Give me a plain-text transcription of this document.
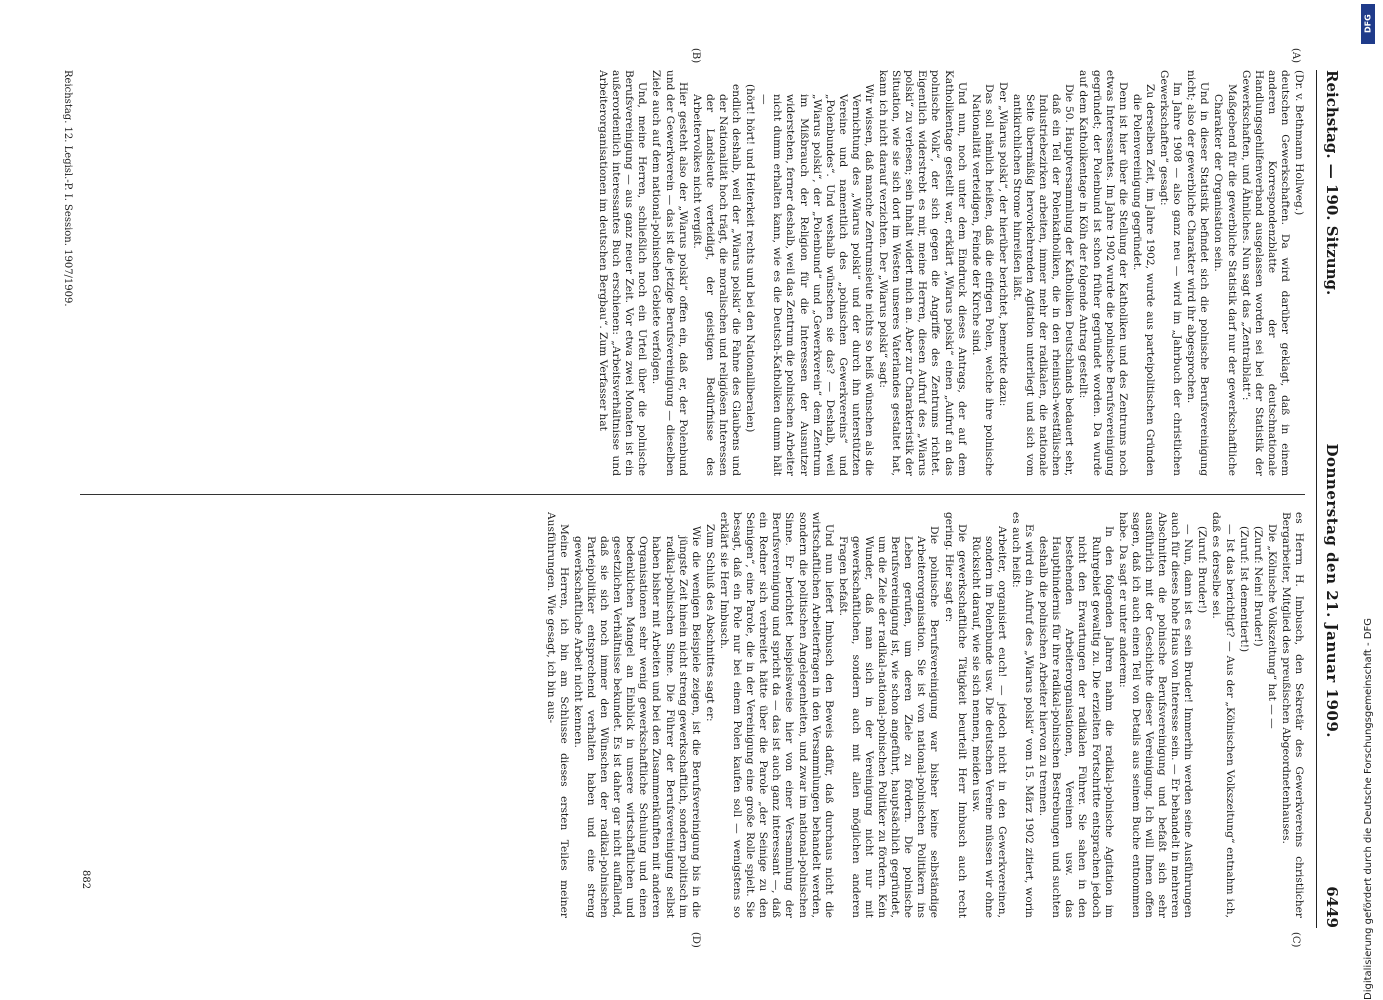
Reichstag. — 190. Sitzung.
Donnerstag den 21. Januar 1909.
6449
(A)
(B)
(C)
(D)

(Dr. v. Bethmann Hollweg.)

deutschen Gewerkschaften. Da wird darüber geklagt, daß in einem anderen Korrespondenzblatte der deutschnationale Handlungsgehilfenverband ausgelassen worden sei bei der Statistik der Gewerkschaften, und Ähnliches. Nun sagt das „Zentralblatt“:

Maßgebend für die gewerbliche Statistik darf nur der gewerkschaftliche Charakter der Organisation sein.

Und in dieser Statistik befindet sich die polnische Berufsvereinigung nicht; also der gewerbliche Charakter wird ihr abgesprochen.

Im Jahre 1908 — also ganz neu — wird im „Jahrbuch der christlichen Gewerkschaften“ gesagt:

Zu derselben Zeit, im Jahre 1902, wurde aus parteipolitischen Gründen die Polenvereinigung gegründet.

Denn ist hier über die Stellung der Katholiken und des Zentrums noch etwas Interessantes. Im Jahre 1902 wurde die polnische Berufsvereinigung gegründet; der Polenbund ist schon früher gegründet worden. Da wurde auf dem Katholikentage in Köln der folgende Antrag gestellt:

Die 50. Hauptversammlung der Katholiken Deutschlands bedauert sehr, daß ein Teil der Polenkatholiken, die in den rheinisch-westfälischen Industriebezirken arbeiten, immer mehr der radikalen, die nationale Seite übermäßig hervorkehrenden Agitation unterliegt und sich vom antikirchlichen Strome hinreißen läßt.

Der „Wiarus polski“, der hierüber berichtet, bemerkte dazu:

Das soll nämlich heißen, daß die eifrigen Polen, welche ihre polnische Nationalität verteidigen, Feinde der Kirche sind.

Und nun, noch unter dem Eindruck dieses Antrags, der auf dem Katholikentage gestellt war, erklärt „Wiarus polski“ einen „Aufruf an das polnische Volk“, der sich gegen die Angriffe des Zentrums richtet. Eigentlich widerstrebt es mir, meine Herren, diesen Aufruf des „Wiarus polski“ zu verlesen; sein Inhalt widert mich an. Aber zur Charakteristik der Situation, wie sie sich dort im Westen unseres Vaterlandes gestaltet hat, kann ich nicht darauf verzichten. Der „Wiarus polski“ sagt:

Wir wissen, daß manche Zentrumsleute nichts so heiß wünschen als die Vernichtung des „Wiarus polski“ und der durch ihn unterstützten Vereine und namentlich des „polnischen Gewerkvereins“ und „Polenbundes“. Und weshalb wünschen sie das? — Deshalb, weil „Wiarus polski“, der „Polenbund“ und „Gewerkverein“ dem Zentrum im Mißbrauch der Religion für die Interessen der Ausnutzer widerstehen, ferner deshalb, weil das Zentrum die polnischen Arbeiter nicht dumm erhalten kann, wie es die Deutsch-Katholiken dumm hält —

(hört! hört! und Heiterkeit rechts und bei den Nationalliberalen)

endlich deshalb, weil der „Wiarus polski“ die Fahne des Glaubens und der Nationalität hoch trägt, die moralischen und religiösen Interessen der Landsleute verteidigt, der geistigen Bedürfnisse des Arbeitervolkes nicht vergißt.

Hier gesteht also der „Wiarus polski“ offen ein, daß er, der Polenbund und der Gewerkverein — das ist die jetzige Berufsvereinigung — dieselben Ziele auch auf dem national-polnischen Gebiete verfolgen.

Und, meine Herren, schließlich noch ein Urteil über die polnische Berufsvereinigung — aus ganz neuer Zeit. Vor etwa zwei Monaten ist ein außerordentlich interessantes Buch erschienen: „Arbeitsverhältnisse und Arbeiterorganisationen im deutschen Bergbau“. Zum Verfasser hat

es Herrn H. Imbusch, den Sekretär des Gewerkvereins christlicher Bergarbeiter, Mitglied des preußischen Abgeordnetenhauses.

Die „Kölnische Volkszeitung“ hat — —

(Zuruf: Nein! Bruder!)

(Zuruf: Ist dementiert!)

— Ist das berichtigt? — Aus der „Kölnischen Volkszeitung“ entnahm ich, daß es derselbe sei.

(Zuruf: Bruder!)

— Nun, dann ist es sein Bruder! Immerhin werden seine Ausführungen auch für dieses hohe Haus von Interesse sein. — Er behandelt in mehreren Abschnitten die polnische Berufsvereinigung und befaßt sich sehr ausführlich mit der Geschichte dieser Vereinigung. Ich will Ihnen offen sagen, daß ich auch einen Teil von Details aus seinem Buche entnommen habe. Da sagt er unter anderem:

In den folgenden Jahren nahm die radikal-polnische Agitation im Ruhrgebiet gewaltig zu. Die erzielten Fortschritte entsprachen jedoch nicht den Erwartungen der radikalen Führer. Sie sahen in den bestehenden Arbeiterorganisationen, Vereinen usw. das Haupthindernis für ihre radikal-polnischen Bestrebungen und suchten deshalb die polnischen Arbeiter hiervon zu trennen.

Es wird ein Aufruf des „Wiarus polski“ vom 15. März 1902 zitiert, worin es auch heißt:

Arbeiter, organisiert euch! — jedoch nicht in den Gewerkvereinen, sondern im Polenbunde usw. Die deutschen Vereine müssen wir ohne Rücksicht darauf, wie sie sich nennen, meiden usw.

Die gewerkschaftliche Tätigkeit beurteilt Herr Imbusch auch recht gering. Hier sagt er:

Die polnische Berufsvereinigung war bisher keine selbständige Arbeiterorganisation. Sie ist von national-polnischen Politikern ins Leben gerufen, um deren Ziele zu fördern. Die polnische Berufsvereinigung ist, wie schon angeführt, hauptsächlich gegründet, um die Ziele der radikal-national-polnischen Politiker zu fördern. Kein Wunder, daß man sich in der Vereinigung nicht nur mit gewerkschaftlichen, sondern auch mit allen möglichen anderen Fragen befaßt.

Und nun liefert Imbusch den Beweis dafür, daß durchaus nicht die wirtschaftlichen Arbeiterfragen in den Versammlungen behandelt werden, sondern die politischen Angelegenheiten, und zwar im national-polnischen Sinne. Er berichtet beispielsweise hier von einer Versammlung der Berufsvereinigung und spricht da — das ist auch ganz interessant —, daß ein Redner sich verbreitet hätte über die Parole „der Seinige zu den Seinigen“, eine Parole, die in der Vereinigung eine große Rolle spielt. Sie besagt, daß ein Pole nur bei einem Polen kaufen soll — wenigstens so erklärt sie Herr Imbusch.

Zum Schluß des Abschnittes sagt er:

Wie die wenigen Beispiele zeigen, ist die Berufsvereinigung bis in die jüngste Zeit hinein nicht streng gewerkschaftlich, sondern politisch im radikal-polnischen Sinne. Die Führer der Berufsvereinigung selbst haben bisher mit Arbeiten und bei den Zusammenkünften mit anderen Organisationen sehr wenig gewerkschaftliche Schulung und einen bedenklichen Mangel an Einblick in unsere wirtschaftlichen und gesetzlichen Verhältnisse bekundet. Es ist daher gar nicht auffallend, daß sie sich noch immer den Wünschen der radikal-polnischen Parteipolitiker entsprechend verhalten haben und eine streng gewerkschaftliche Arbeit nicht kennen.

Meine Herren, ich bin am Schlusse dieses ersten Teiles meiner Ausführungen. Wie gesagt, ich bin aus-

Reichstag. 12. Legisl.-P. I. Session. 1907/1909.
882
DFG
Digitalisierung gefördert durch die Deutsche Forschungsgemeinschaft - DFG
